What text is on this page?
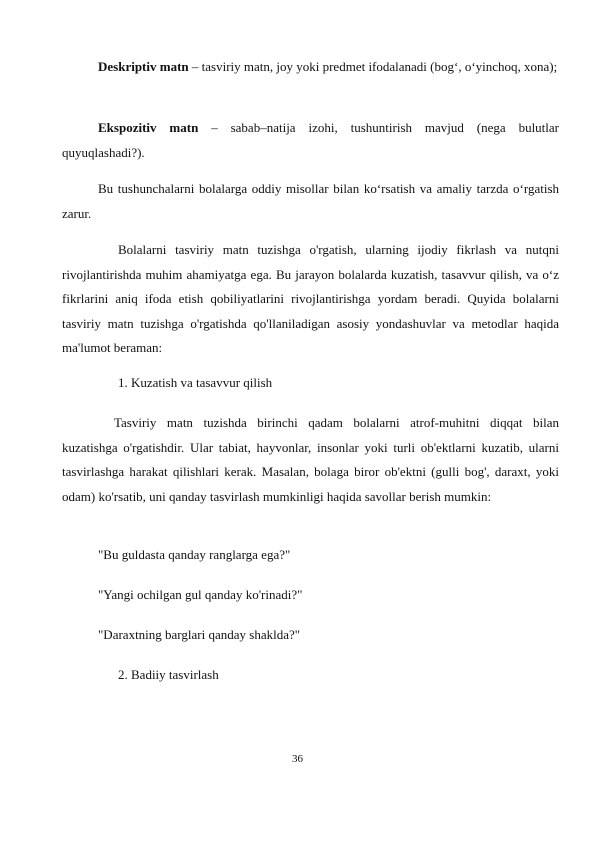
Deskriptiv matn – tasviriy matn, joy yoki predmet ifodalanadi (bog‘, o‘yinchoq, xona);

Ekspozitiv matn – sabab–natija izohi, tushuntirish mavjud (nega bulutlar quyuqlashadi?).

Bu tushunchalarni bolalarga oddiy misollar bilan ko‘rsatish va amaliy tarzda o‘rgatish zarur.

Bolalarni tasviriy matn tuzishga o'rgatish, ularning ijodiy fikrlash va nutqni rivojlantirishda muhim ahamiyatga ega. Bu jarayon bolalarda kuzatish, tasavvur qilish, va o‘z fikrlarini aniq ifoda etish qobiliyatlarini rivojlantirishga yordam beradi. Quyida bolalarni tasviriy matn tuzishga o'rgatishda qo'llaniladigan asosiy yondashuvlar va metodlar haqida ma'lumot beraman:

1. Kuzatish va tasavvur qilish

Tasviriy matn tuzishda birinchi qadam bolalarni atrof-muhitni diqqat bilan kuzatishga o'rgatishdir. Ular tabiat, hayvonlar, insonlar yoki turli ob'ektlarni kuzatib, ularni tasvirlashga harakat qilishlari kerak. Masalan, bolaga biror ob'ektni (gulli bog', daraxt, yoki odam) ko'rsatib, uni qanday tasvirlash mumkinligi haqida savollar berish mumkin:

"Bu guldasta qanday ranglarga ega?"

"Yangi ochilgan gul qanday ko'rinadi?"

"Daraxtning barglari qanday shaklda?"

2. Badiiy tasvirlash

36
